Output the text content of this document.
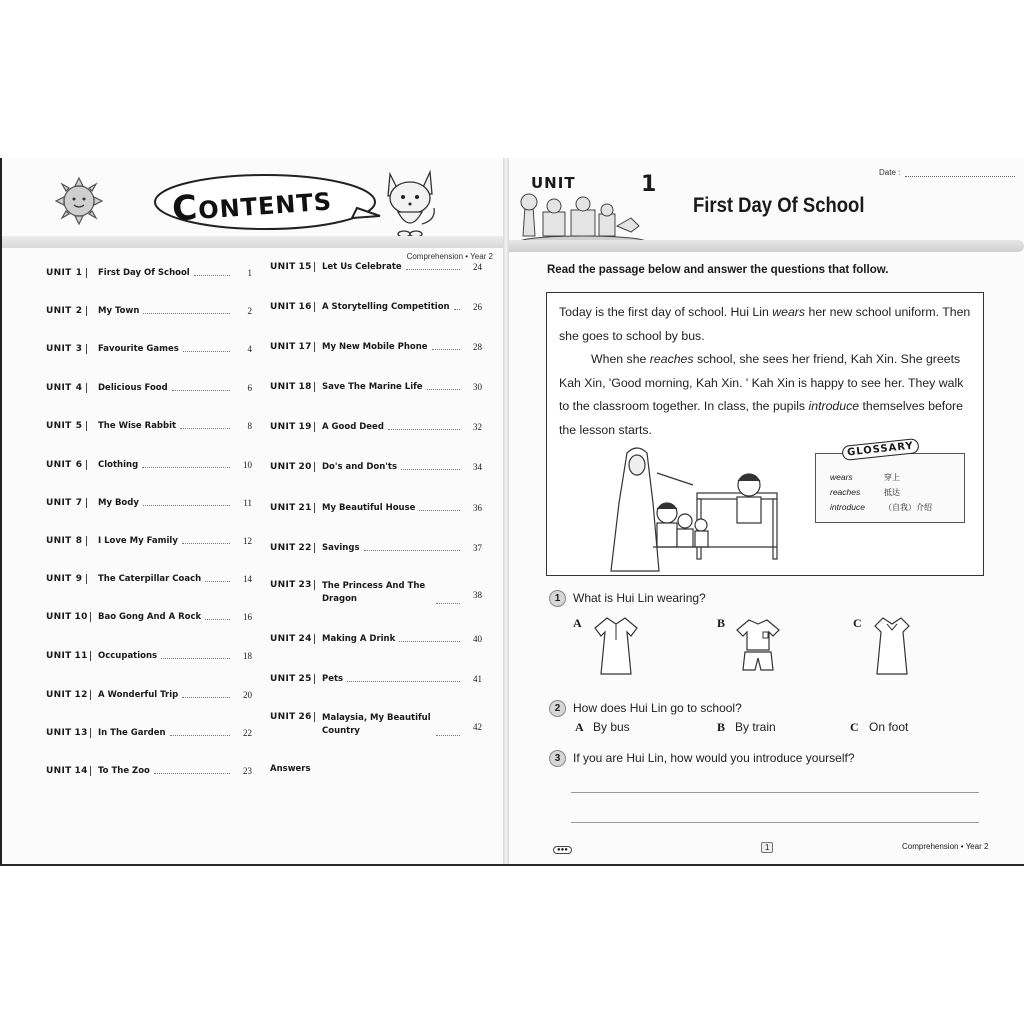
Contents
Comprehension • Year 2
UNIT 1	First Day Of School	1
UNIT 2	My Town	2
UNIT 3	Favourite Games	4
UNIT 4	Delicious Food	6
UNIT 5	The Wise Rabbit	8
UNIT 6	Clothing	10
UNIT 7	My Body	11
UNIT 8	I Love My Family	12
UNIT 9	The Caterpillar Coach	14
UNIT 10	Bao Gong And A Rock	16
UNIT 11	Occupations	18
UNIT 12	A Wonderful Trip	20
UNIT 13	In The Garden	22
UNIT 14	To The Zoo	23
UNIT 15	Let Us Celebrate	24
UNIT 16	A Storytelling Competition	26
UNIT 17	My New Mobile Phone	28
UNIT 18	Save The Marine Life	30
UNIT 19	A Good Deed	32
UNIT 20	Do's and Don'ts	34
UNIT 21	My Beautiful House	36
UNIT 22	Savings	37
UNIT 23	The Princess And The Dragon	38
UNIT 24	Making A Drink	40
UNIT 25	Pets	41
UNIT 26	Malaysia, My Beautiful Country	42
Answers
UNIT	1
First Day Of School
Date :
Read the passage below and answer the questions that follow.

Today is the first day of school. Hui Lin wears her new school uniform. Then she goes to school by bus.

When she reaches school, she sees her friend, Kah Xin. She greets Kah Xin, 'Good morning, Kah Xin. ' Kah Xin is happy to see her. They walk to the classroom together. In class, the pupils introduce themselves before the lesson starts.

GLOSSARY
wears	穿上
reaches	抵达
introduce （自我）介绍
1	What is Hui Lin wearing?
A	B	C
2	How does Hui Lin go to school?
A By bus	B By train	C On foot
3	If you are Hui Lin, how would you introduce yourself?
●●●	1	Comprehension • Year 2
